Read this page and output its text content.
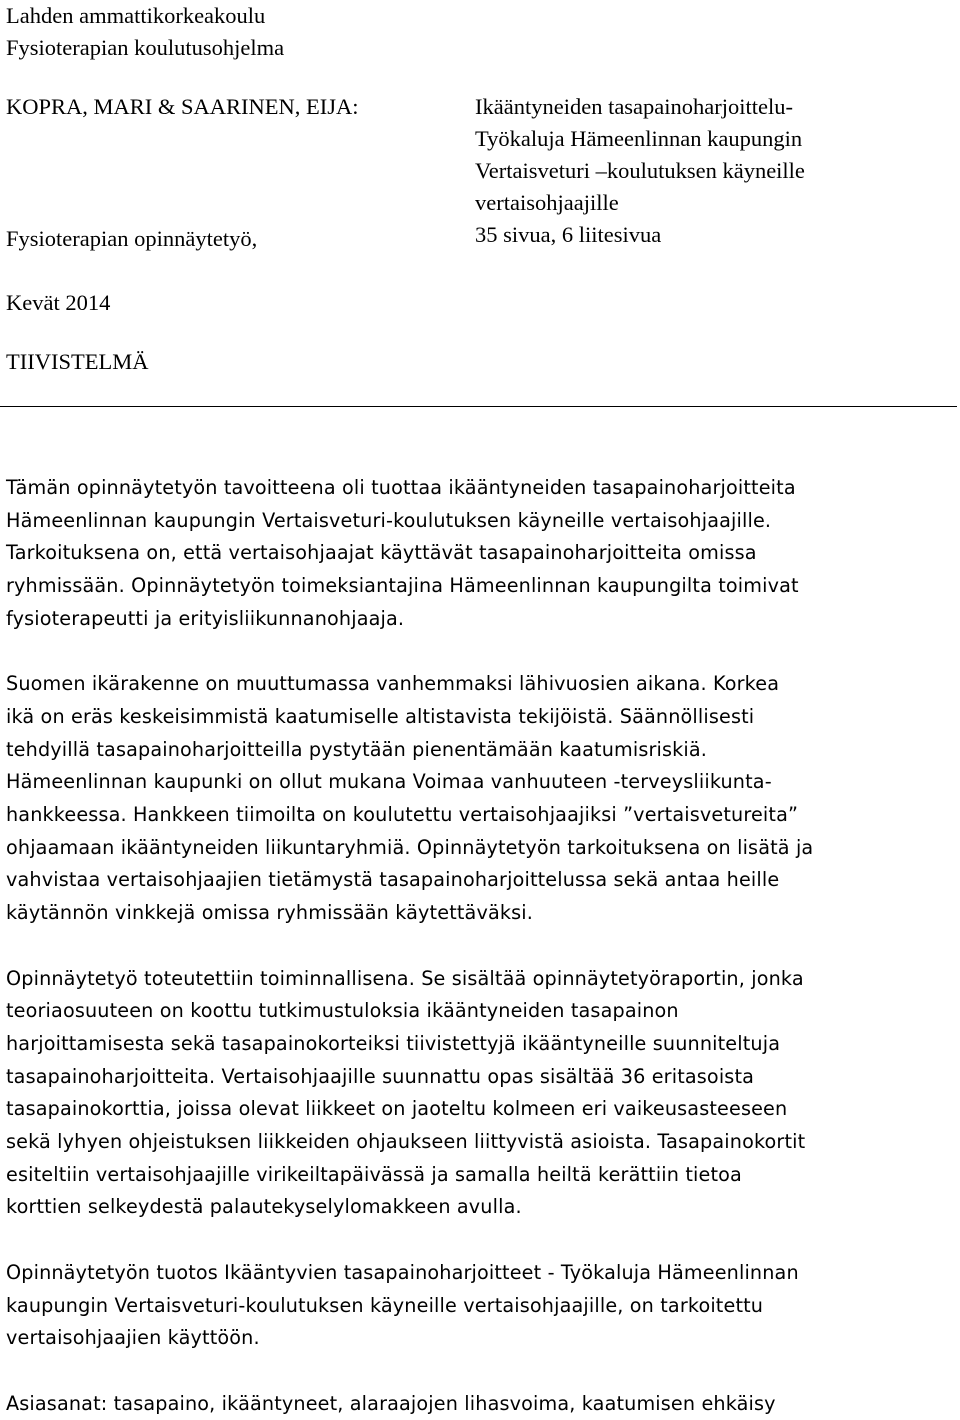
Lahden ammattikorkeakoulu
Fysioterapian koulutusohjelma
KOPRA, MARI & SAARINEN, EIJA:	Ikääntyneiden tasapainoharjoittelu-
Työkaluja Hämeenlinnan kaupungin
Vertaisveturi –koulutuksen käyneille
vertaisohjaajille
35 sivua, 6 liitesivua
Fysioterapian opinnäytetyö,
Kevät 2014
TIIVISTELMÄ

Tämän opinnäytetyön tavoitteena oli tuottaa ikääntyneiden tasapainoharjoitteita
Hämeenlinnan kaupungin Vertaisveturi-koulutuksen käyneille vertaisohjaajille.
Tarkoituksena on, että vertaisohjaajat käyttävät tasapainoharjoitteita omissa
ryhmissään. Opinnäytetyön toimeksiantajina Hämeenlinnan kaupungilta toimivat
fysioterapeutti ja erityisliikunnanohjaaja.

Suomen ikärakenne on muuttumassa vanhemmaksi lähivuosien aikana. Korkea
ikä on eräs keskeisimmistä kaatumiselle altistavista tekijöistä. Säännöllisesti
tehdyillä tasapainoharjoitteilla pystytään pienentämään kaatumisriskiä.
Hämeenlinnan kaupunki on ollut mukana Voimaa vanhuuteen -terveysliikunta-
hankkeessa. Hankkeen tiimoilta on koulutettu vertaisohjaajiksi ”vertaisvetureita”
ohjaamaan ikääntyneiden liikuntaryhmiä. Opinnäytetyön tarkoituksena on lisätä ja
vahvistaa vertaisohjaajien tietämystä tasapainoharjoittelussa sekä antaa heille
käytännön vinkkejä omissa ryhmissään käytettäväksi.

Opinnäytetyö toteutettiin toiminnallisena. Se sisältää opinnäytetyöraportin, jonka
teoriaosuuteen on koottu tutkimustuloksia ikääntyneiden tasapainon
harjoittamisesta sekä tasapainokorteiksi tiivistettyjä ikääntyneille suunniteltuja
tasapainoharjoitteita. Vertaisohjaajille suunnattu opas sisältää 36 eritasoista
tasapainokorttia, joissa olevat liikkeet on jaoteltu kolmeen eri vaikeusasteeseen
sekä lyhyen ohjeistuksen liikkeiden ohjaukseen liittyvistä asioista. Tasapainokortit
esiteltiin vertaisohjaajille virikeiltapäivässä ja samalla heiltä kerättiin tietoa
korttien selkeydestä palautekyselylomakkeen avulla.

Opinnäytetyön tuotos Ikääntyvien tasapainoharjoitteet - Työkaluja Hämeenlinnan
kaupungin Vertaisveturi-koulutuksen käyneille vertaisohjaajille, on tarkoitettu
vertaisohjaajien käyttöön.

Asiasanat: tasapaino, ikääntyneet, alaraajojen lihasvoima, kaatumisen ehkäisy
